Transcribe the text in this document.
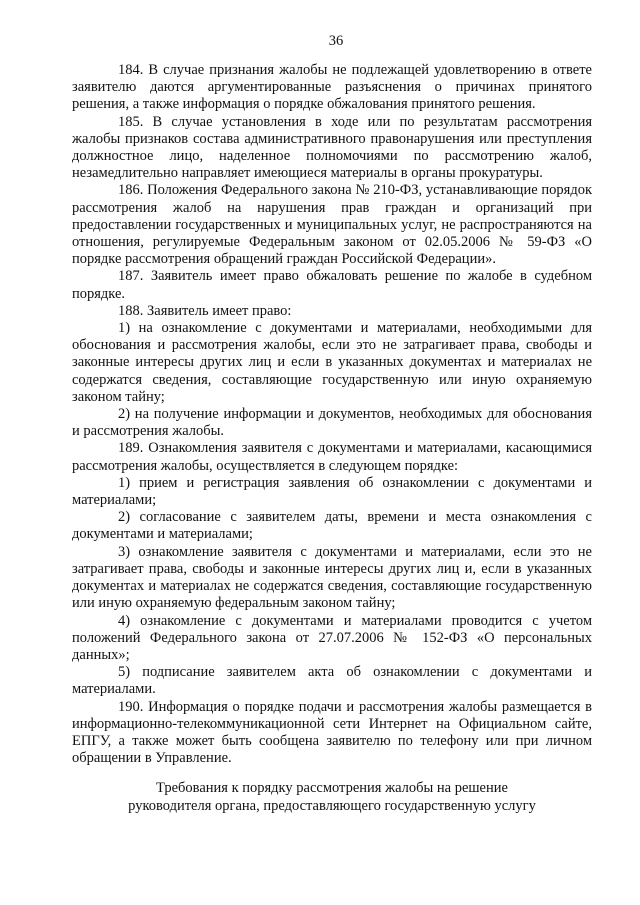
36

184. В случае признания жалобы не подлежащей удовлетворению в ответе заявителю даются аргументированные разъяснения о причинах принятого решения, а также информация о порядке обжалования принятого решения.

185. В случае установления в ходе или по результатам рассмотрения жалобы признаков состава административного правонарушения или преступления должностное лицо, наделенное полномочиями по рассмотрению жалоб, незамедлительно направляет имеющиеся материалы в органы прокуратуры.

186. Положения Федерального закона № 210-ФЗ, устанавливающие порядок рассмотрения жалоб на нарушения прав граждан и организаций при предоставлении государственных и муниципальных услуг, не распространяются на отношения, регулируемые Федеральным законом от 02.05.2006 № 59-ФЗ «О порядке рассмотрения обращений граждан Российской Федерации».

187. Заявитель имеет право обжаловать решение по жалобе в судебном порядке.

188. Заявитель имеет право:

1) на ознакомление с документами и материалами, необходимыми для обоснования и рассмотрения жалобы, если это не затрагивает права, свободы и законные интересы других лиц и если в указанных документах и материалах не содержатся сведения, составляющие государственную или иную охраняемую законом тайну;

2) на получение информации и документов, необходимых для обоснования и рассмотрения жалобы.

189. Ознакомления заявителя с документами и материалами, касающимися рассмотрения жалобы, осуществляется в следующем порядке:

1) прием и регистрация заявления об ознакомлении с документами и материалами;

2) согласование с заявителем даты, времени и места ознакомления с документами и материалами;

3) ознакомление заявителя с документами и материалами, если это не затрагивает права, свободы и законные интересы других лиц и, если в указанных документах и материалах не содержатся сведения, составляющие государственную или иную охраняемую федеральным законом тайну;

4) ознакомление с документами и материалами проводится с учетом положений Федерального закона от 27.07.2006 № 152-ФЗ «О персональных данных»;

5) подписание заявителем акта об ознакомлении с документами и материалами.

190. Информация о порядке подачи и рассмотрения жалобы размещается в информационно-телекоммуникационной сети Интернет на Официальном сайте, ЕПГУ, а также может быть сообщена заявителю по телефону или при личном обращении в Управление.

Требования к порядку рассмотрения жалобы на решение
руководителя органа, предоставляющего государственную услугу
